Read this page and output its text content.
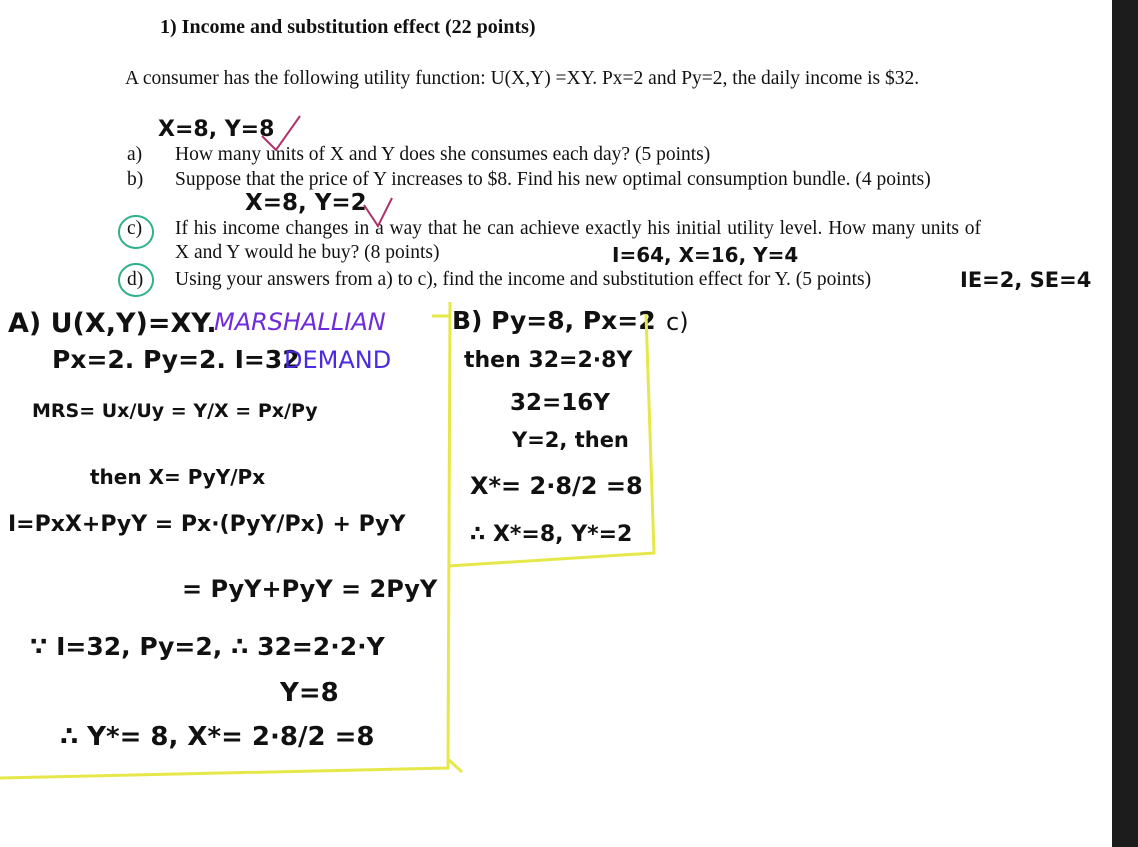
1) Income and substitution effect (22 points)
A consumer has the following utility function: U(X,Y) =XY. Px=2 and Py=2, the daily income is $32.
X=8, Y=8
a) How many units of X and Y does she consumes each day? (5 points)
b) Suppose that the price of Y increases to $8. Find his new optimal consumption bundle. (4 points)
X=8, Y=2
c) If his income changes in a way that he can achieve exactly his initial utility level. How many units of X and Y would he buy? (8 points)	I=64, X=16, Y=4
d) Using your answers from a) to c), find the income and substitution effect for Y. (5 points)	IE=2, SE=4
A) U(X,Y)=XY.
MARSHALLIAN
Px=2. Py=2. I=32
DEMAND
MRS= Ux/Uy = Y/X = Px/Py
then X= PyY/Px
I=PxX+PyY = Px·(PyY/Px) + PyY
= PyY+PyY = 2PyY
∵ I=32, Py=2, ∴ 32=2·2·Y
Y=8
∴ Y*= 8, X*= 2·8/2 =8
B) Py=8, Px=2
then 32=2·8Y
32=16Y
Y=2, then
X*= 2·8/2 =8
∴ X*=8, Y*=2
c)
